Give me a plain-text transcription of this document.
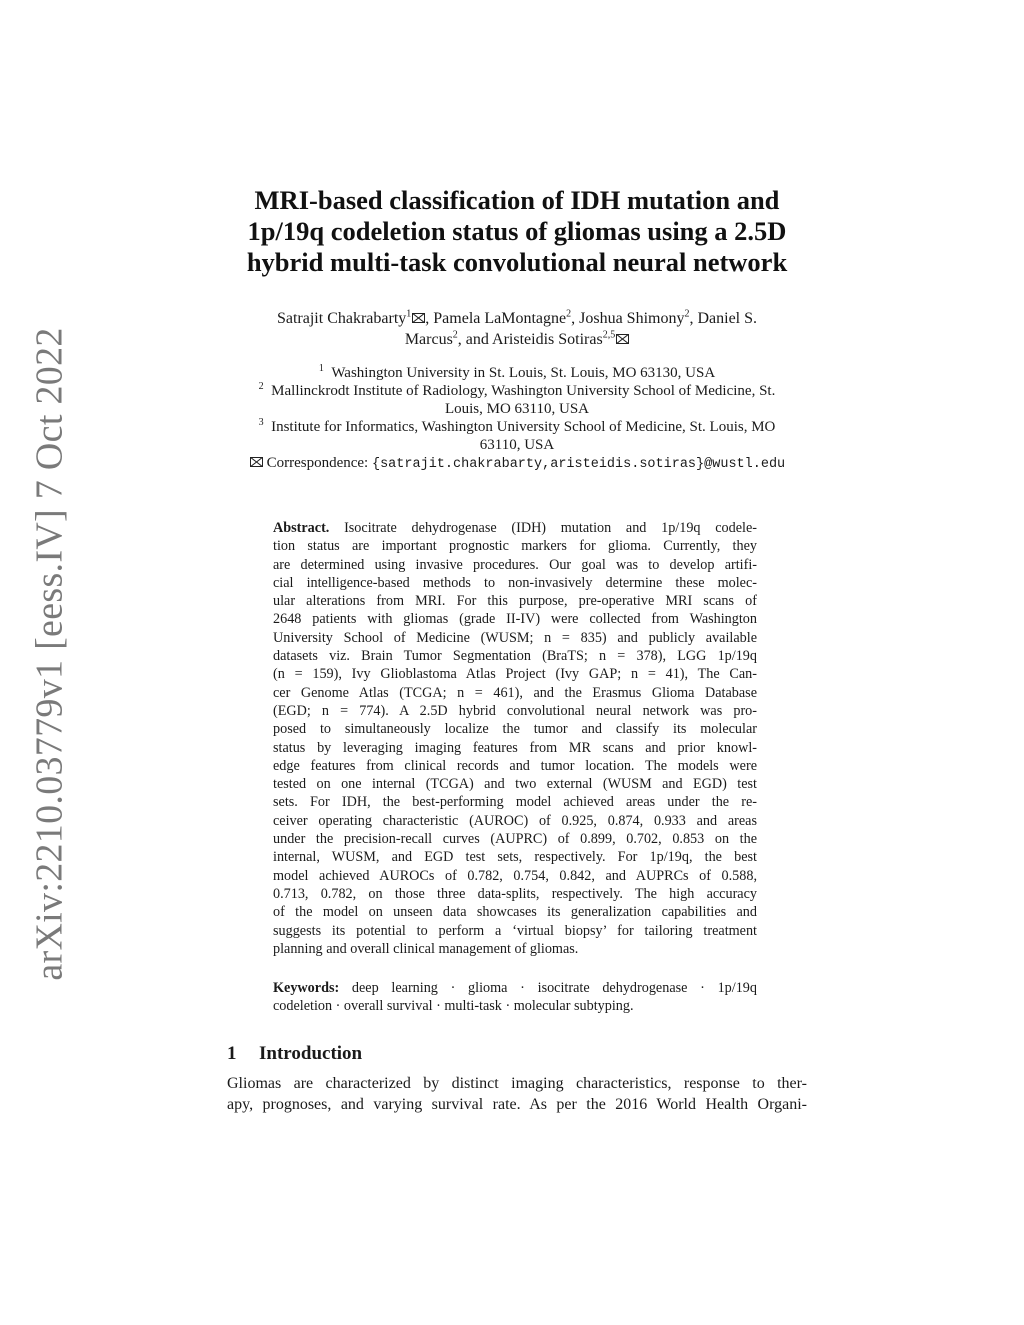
arXiv:2210.03779v1 [eess.IV] 7 Oct 2022
MRI-based classification of IDH mutation and
1p/19q codeletion status of gliomas using a 2.5D
hybrid multi-task convolutional neural network
Satrajit Chakrabarty$^1$ , Pamela LaMontagne$^2$, Joshua Shimony$^2$, Daniel S.
Marcus$^2$, and Aristeidis Sotiras$^{2,5}$
$^1$ Washington University in St. Louis, St. Louis, MO 63130, USA
$^2$ Mallinckrodt Institute of Radiology, Washington University School of Medicine, St.
Louis, MO 63110, USA
$^3$ Institute for Informatics, Washington University School of Medicine, St. Louis, MO
63110, USA
Correspondence: {satrajit.chakrabarty,aristeidis.sotiras}@wustl.edu
Abstract. Isocitrate dehydrogenase (IDH) mutation and 1p/19q codele-
tion status are important prognostic markers for glioma. Currently, they
are determined using invasive procedures. Our goal was to develop artifi-
cial intelligence-based methods to non-invasively determine these molec-
ular alterations from MRI. For this purpose, pre-operative MRI scans of
2648 patients with gliomas (grade II-IV) were collected from Washington
University School of Medicine (WUSM; n = 835) and publicly available
datasets viz. Brain Tumor Segmentation (BraTS; n = 378), LGG 1p/19q
(n = 159), Ivy Glioblastoma Atlas Project (Ivy GAP; n = 41), The Can-
cer Genome Atlas (TCGA; n = 461), and the Erasmus Glioma Database
(EGD; n = 774). A 2.5D hybrid convolutional neural network was pro-
posed to simultaneously localize the tumor and classify its molecular
status by leveraging imaging features from MR scans and prior knowl-
edge features from clinical records and tumor location. The models were
tested on one internal (TCGA) and two external (WUSM and EGD) test
sets. For IDH, the best-performing model achieved areas under the re-
ceiver operating characteristic (AUROC) of 0.925, 0.874, 0.933 and areas
under the precision-recall curves (AUPRC) of 0.899, 0.702, 0.853 on the
internal, WUSM, and EGD test sets, respectively. For 1p/19q, the best
model achieved AUROCs of 0.782, 0.754, 0.842, and AUPRCs of 0.588,
0.713, 0.782, on those three data-splits, respectively. The high accuracy
of the model on unseen data showcases its generalization capabilities and
suggests its potential to perform a ‘virtual biopsy’ for tailoring treatment
planning and overall clinical management of gliomas.
Keywords: deep learning · glioma · isocitrate dehydrogenase · 1p/19q
codeletion · overall survival · multi-task · molecular subtyping.
1 Introduction
Gliomas are characterized by distinct imaging characteristics, response to ther-
apy, prognoses, and varying survival rate. As per the 2016 World Health Organi-
